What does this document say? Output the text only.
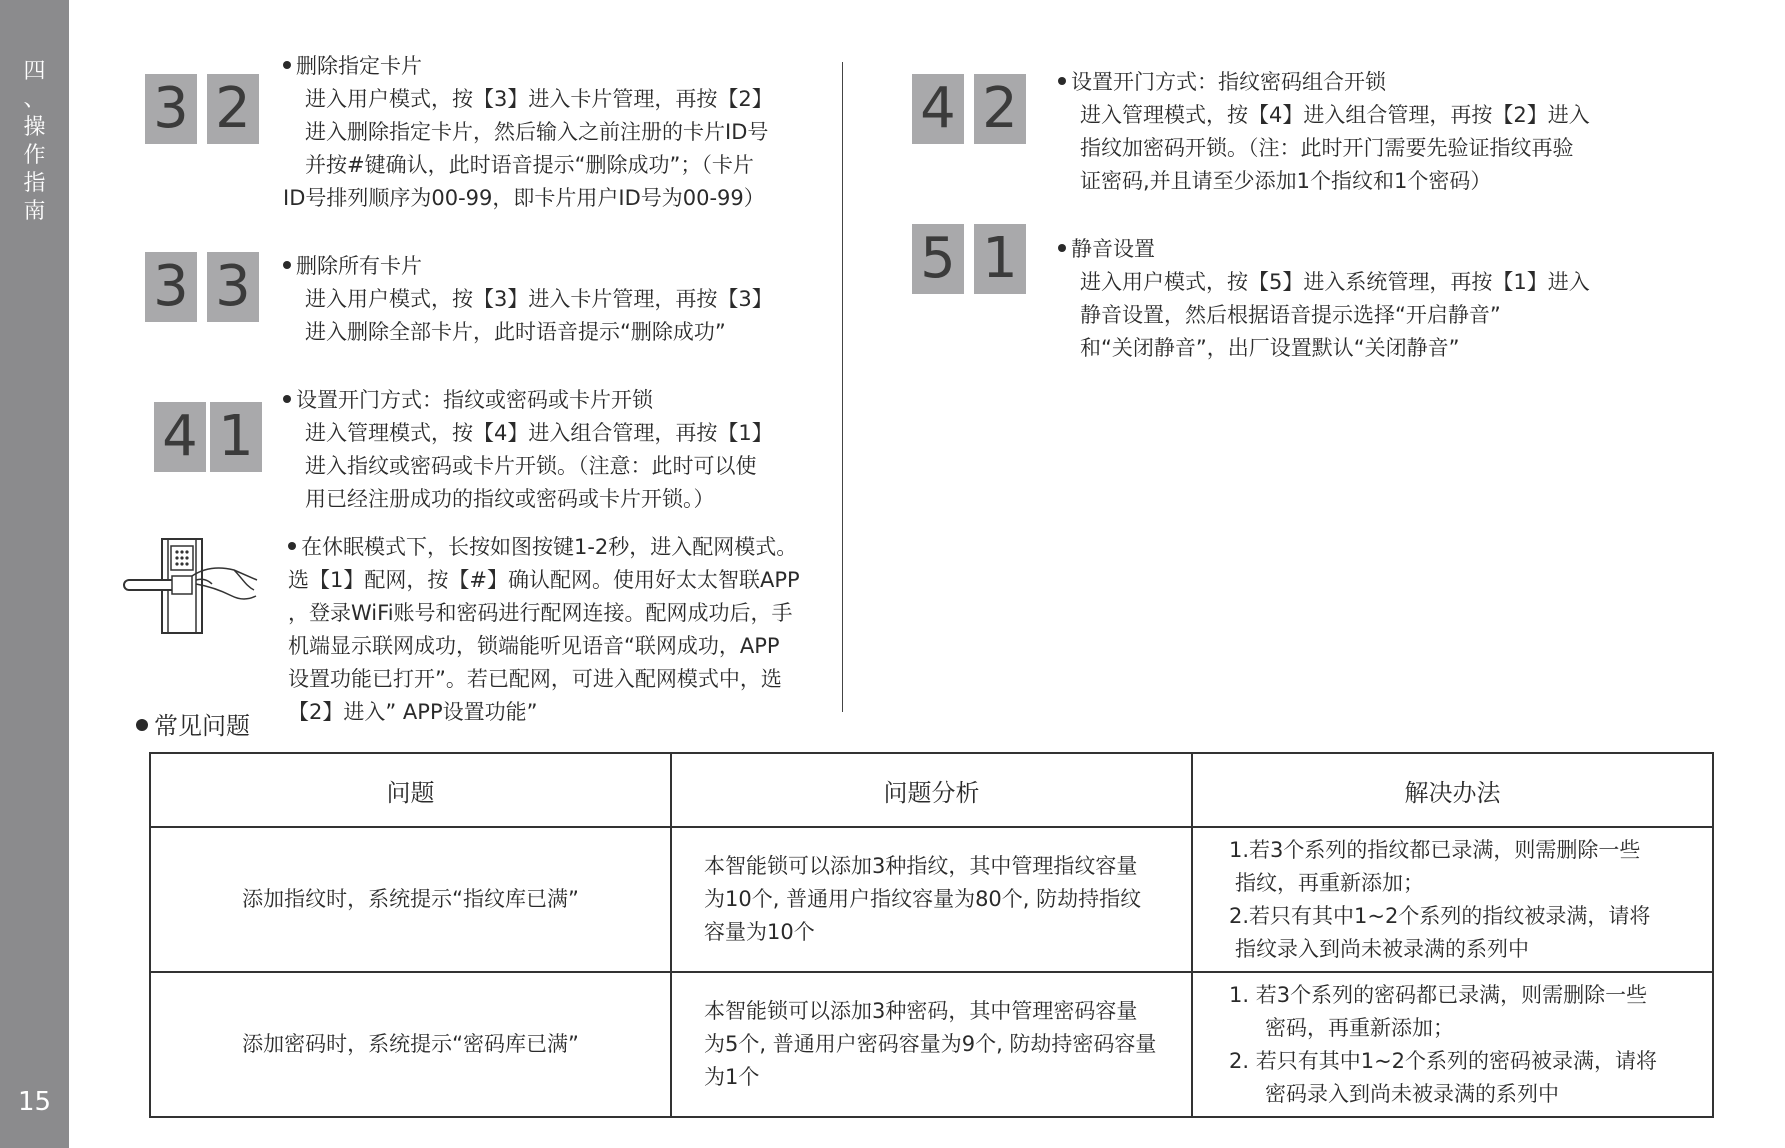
四
、
操
作
指
南
15
3 2
删除指定卡片
进入用户模式，按【3】进入卡片管理，再按【2】
进入删除指定卡片，然后输入之前注册的卡片ID号
并按#键确认，此时语音提示“删除成功”；（卡片
ID号排列顺序为00-99，即卡片用户ID号为00-99）
3 3	删除所有卡片
进入用户模式，按【3】进入卡片管理，再按【3】
进入删除全部卡片，此时语音提示“删除成功”
4 1
设置开门方式：指纹或密码或卡片开锁
进入管理模式，按【4】进入组合管理，再按【1】
进入指纹或密码或卡片开锁。（注意：此时可以使
用已经注册成功的指纹或密码或卡片开锁。）
在休眠模式下，长按如图按键1-2秒，进入配网模式。
选【1】配网，按【#】确认配网。使用好太太智联APP
，登录WiFi账号和密码进行配网连接。配网成功后，手
机端显示联网成功，锁端能听见语音“联网成功，APP
设置功能已打开”。若已配网，可进入配网模式中，选
【2】进入” APP设置功能”
4 2	设置开门方式：指纹密码组合开锁
进入管理模式，按【4】进入组合管理，再按【2】进入
指纹加密码开锁。（注：此时开门需要先验证指纹再验
证密码,并且请至少添加1个指纹和1个密码）
5 1	静音设置
进入用户模式，按【5】进入系统管理，再按【1】进入
静音设置，然后根据语音提示选择“开启静音”
和“关闭静音”，出厂设置默认“关闭静音”
常见问题
问题	问题分析	解决办法
添加指纹时，系统提示“指纹库已满”	本智能锁可以添加3种指纹，其中管理指纹容量
为10个, 普通用户指纹容量为80个, 防劫持指纹
容量为10个	1.若3个系列的指纹都已录满，则需删除一些
指纹，再重新添加；
2.若只有其中1~2个系列的指纹被录满，请将
指纹录入到尚未被录满的系列中

添加密码时，系统提示“密码库已满”	本智能锁可以添加3种密码，其中管理密码容量
为5个, 普通用户密码容量为9个, 防劫持密码容量
为1个	1. 若3个系列的密码都已录满，则需删除一些
密码，再重新添加；
2. 若只有其中1~2个系列的密码被录满，请将
密码录入到尚未被录满的系列中
